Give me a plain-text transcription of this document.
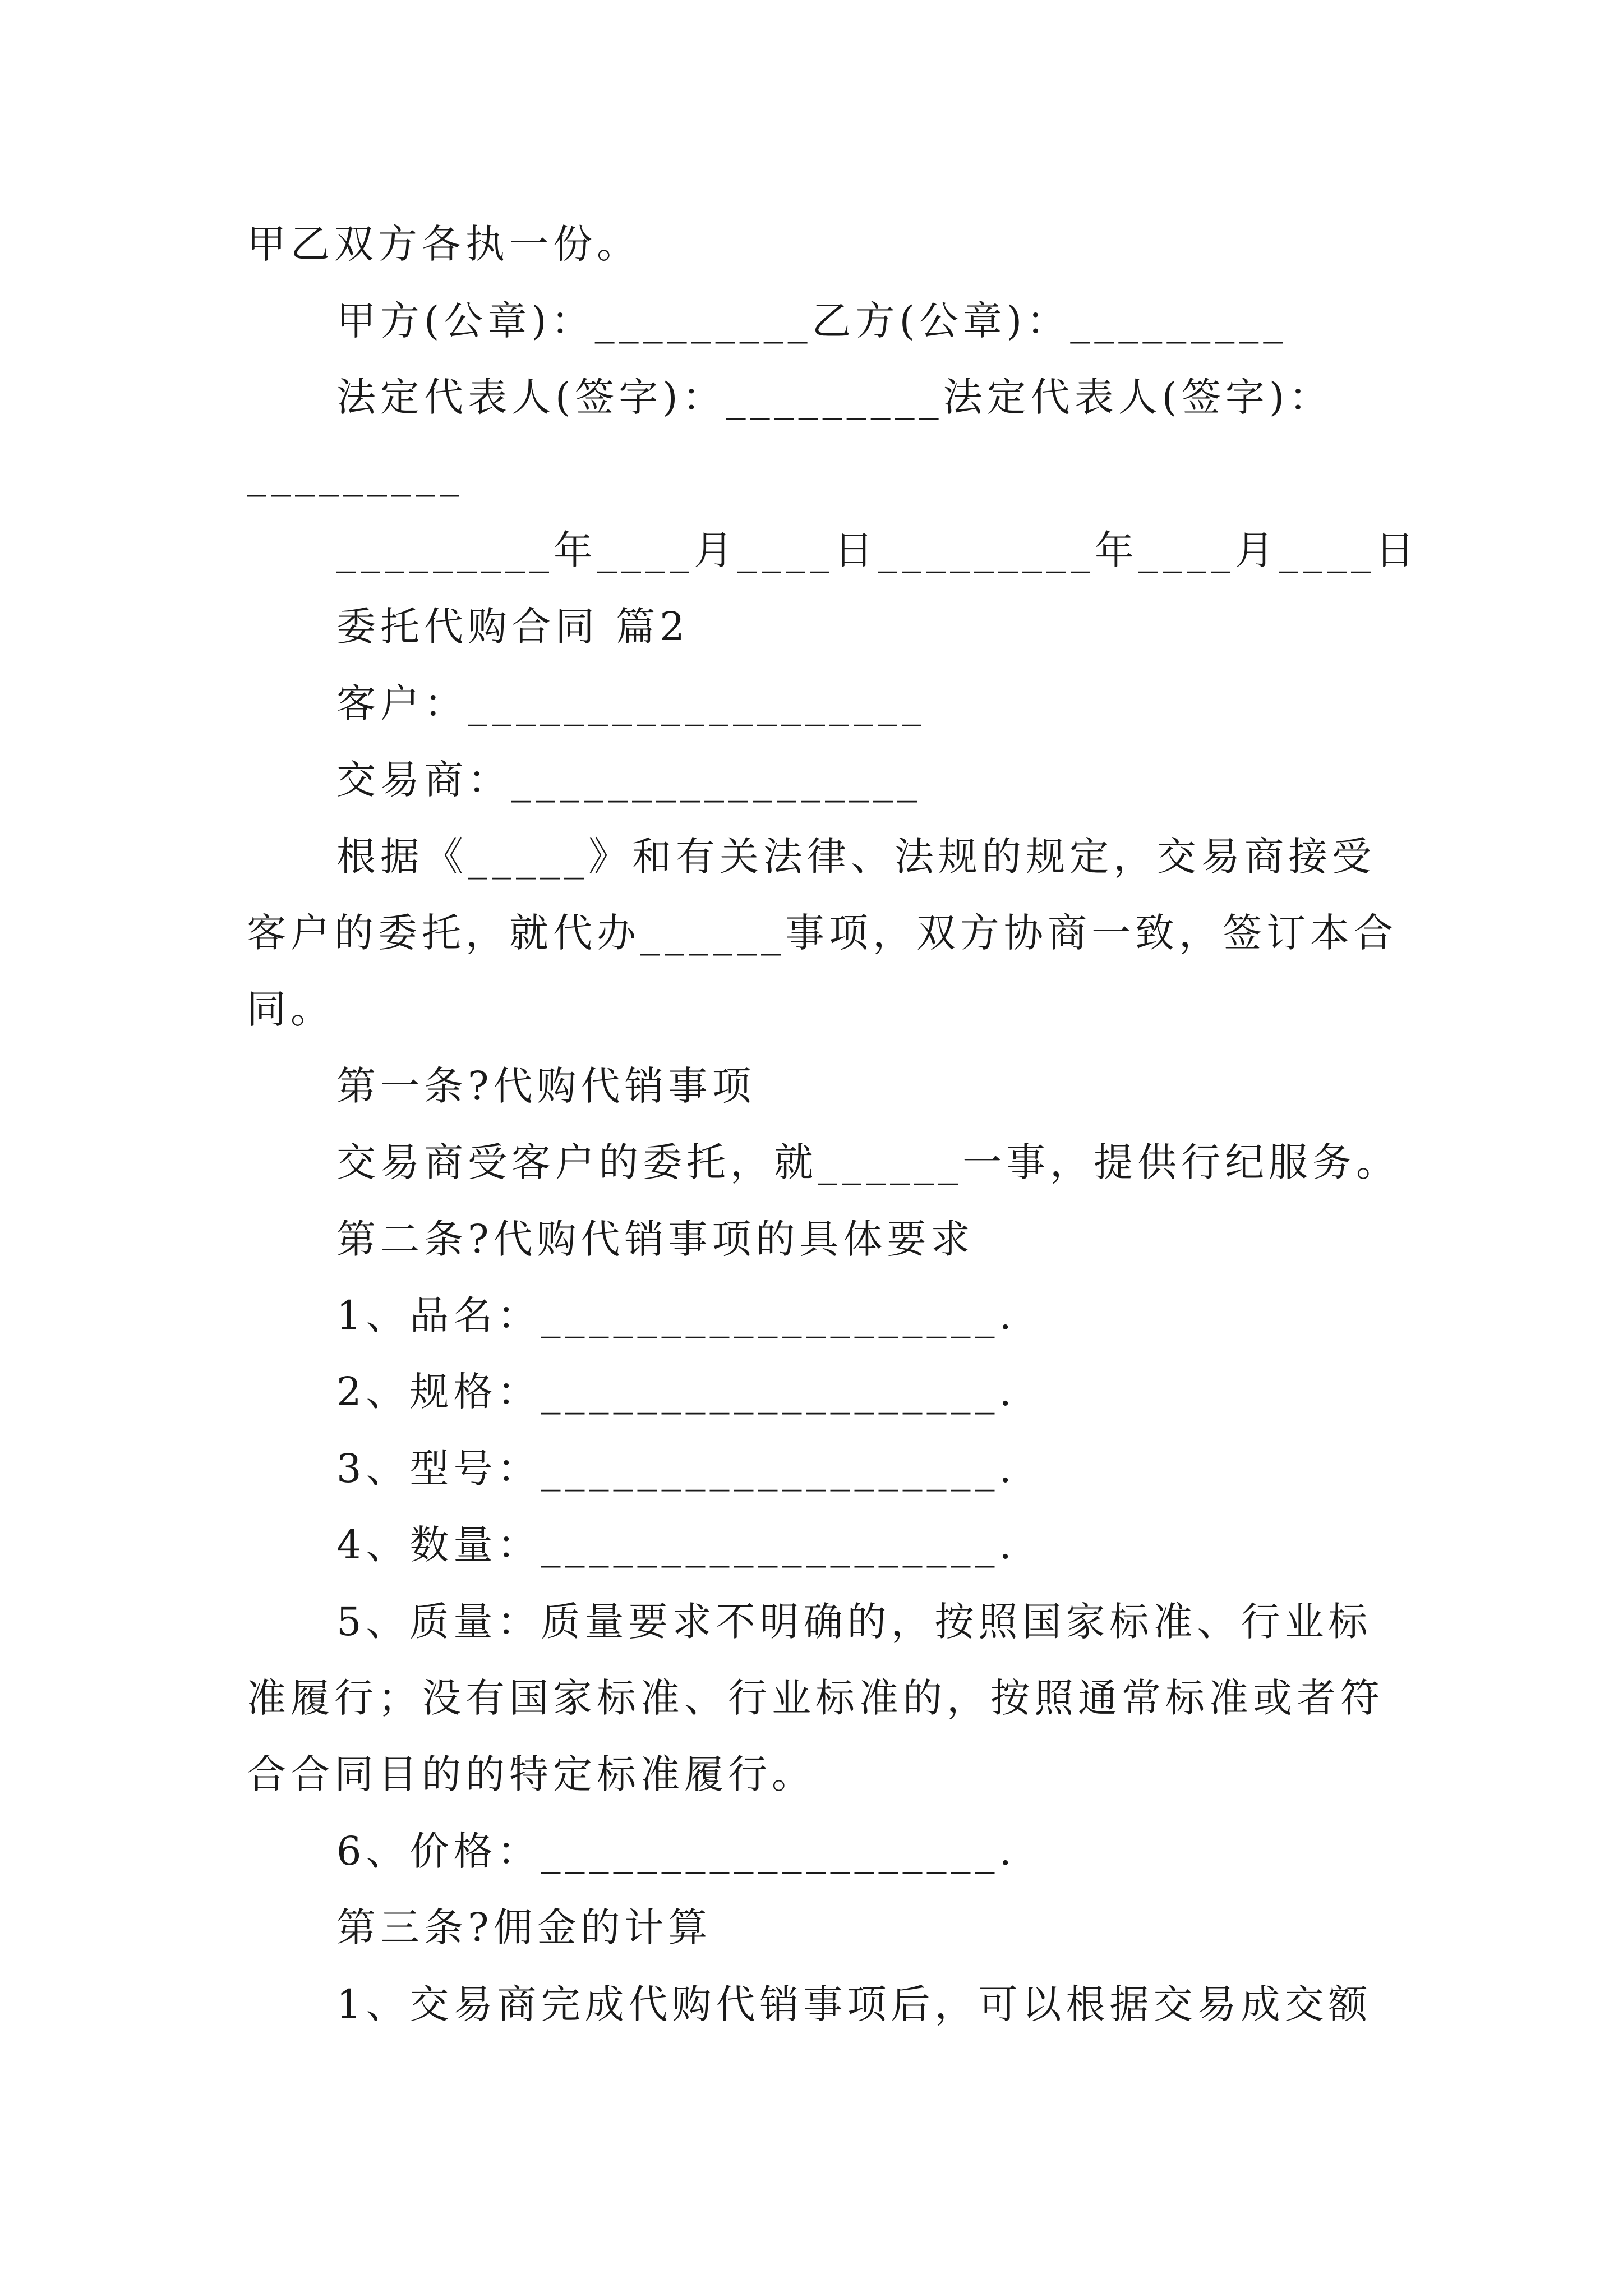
甲乙双方各执一份。
甲方(公章)：_________乙方(公章)：_________
法定代表人(签字)：_________法定代表人(签字)：
_________
_________年____月____日_________年____月____日
委托代购合同 篇2
客户：___________________
交易商：_________________
根据《_____》和有关法律、法规的规定，交易商接受
客户的委托，就代办______事项，双方协商一致，签订本合
同。
第一条?代购代销事项
交易商受客户的委托，就______一事，提供行纪服务。
第二条?代购代销事项的具体要求
1、品名：___________________.
2、规格：___________________.
3、型号：___________________.
4、数量：___________________.
5、质量：质量要求不明确的，按照国家标准、行业标
准履行；没有国家标准、行业标准的，按照通常标准或者符
合合同目的的特定标准履行。
6、价格：___________________.
第三条?佣金的计算
1、交易商完成代购代销事项后，可以根据交易成交额
